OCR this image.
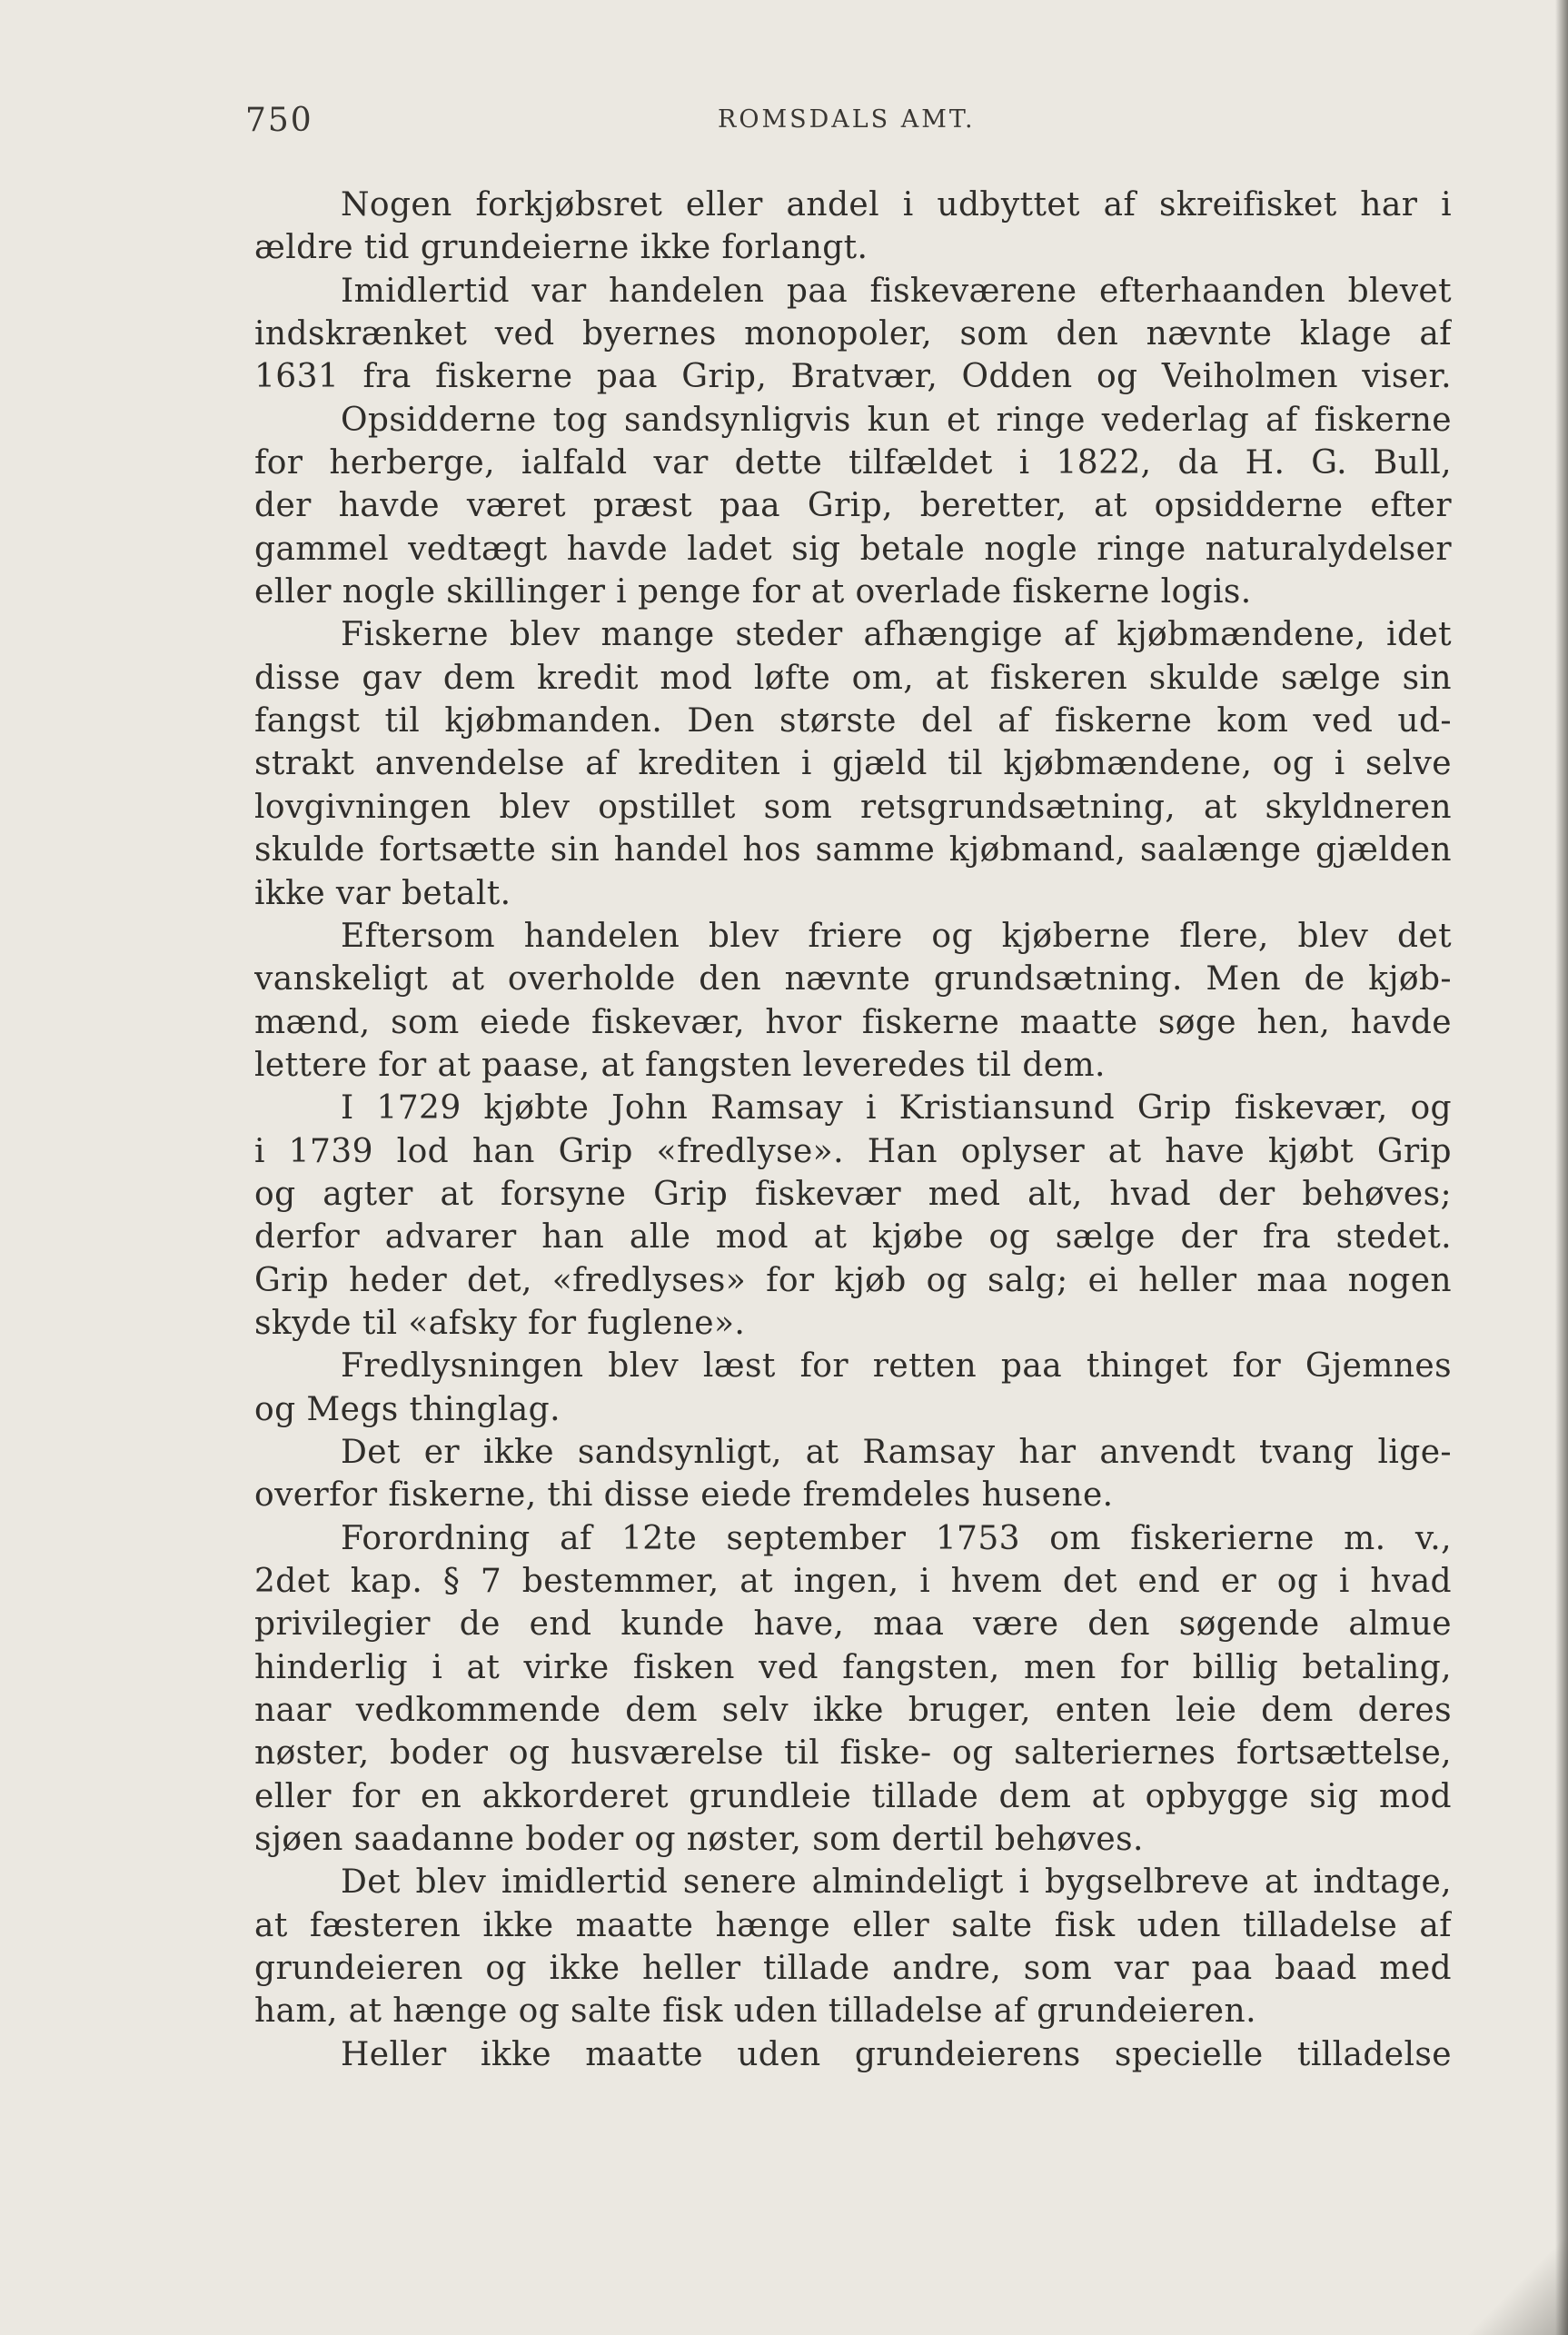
750	ROMSDALS AMT.
Nogen forkjøbsret eller andel i udbyttet af skreifisket har i
ældre tid grundeierne ikke forlangt.
Imidlertid var handelen paa fiskeværene efterhaanden blevet
indskrænket ved byernes monopoler, som den nævnte klage af
1631 fra fiskerne paa Grip, Bratvær, Odden og Veiholmen viser.
Opsidderne tog sandsynligvis kun et ringe vederlag af fiskerne
for herberge, ialfald var dette tilfældet i 1822, da H. G. Bull,
der havde været præst paa Grip, beretter, at opsidderne efter
gammel vedtægt havde ladet sig betale nogle ringe naturalydelser
eller nogle skillinger i penge for at overlade fiskerne logis.
Fiskerne blev mange steder afhængige af kjøbmændene, idet
disse gav dem kredit mod løfte om, at fiskeren skulde sælge sin
fangst til kjøbmanden. Den største del af fiskerne kom ved ud-
strakt anvendelse af krediten i gjæld til kjøbmændene, og i selve
lovgivningen blev opstillet som retsgrundsætning, at skyldneren
skulde fortsætte sin handel hos samme kjøbmand, saalænge gjælden
ikke var betalt.
Eftersom handelen blev friere og kjøberne flere, blev det
vanskeligt at overholde den nævnte grundsætning. Men de kjøb-
mænd, som eiede fiskevær, hvor fiskerne maatte søge hen, havde
lettere for at paase, at fangsten leveredes til dem.
I 1729 kjøbte John Ramsay i Kristiansund Grip fiskevær, og
i 1739 lod han Grip «fredlyse». Han oplyser at have kjøbt Grip
og agter at forsyne Grip fiskevær med alt, hvad der behøves;
derfor advarer han alle mod at kjøbe og sælge der fra stedet.
Grip heder det, «fredlyses» for kjøb og salg; ei heller maa nogen
skyde til «afsky for fuglene».
Fredlysningen blev læst for retten paa thinget for Gjemnes
og Megs thinglag.
Det er ikke sandsynligt, at Ramsay har anvendt tvang lige-
overfor fiskerne, thi disse eiede fremdeles husene.
Forordning af 12te september 1753 om fiskerierne m. v.,
2det kap. § 7 bestemmer, at ingen, i hvem det end er og i hvad
privilegier de end kunde have, maa være den søgende almue
hinderlig i at virke fisken ved fangsten, men for billig betaling,
naar vedkommende dem selv ikke bruger, enten leie dem deres
nøster, boder og husværelse til fiske- og salteriernes fortsættelse,
eller for en akkorderet grundleie tillade dem at opbygge sig mod
sjøen saadanne boder og nøster, som dertil behøves.
Det blev imidlertid senere almindeligt i bygselbreve at indtage,
at fæsteren ikke maatte hænge eller salte fisk uden tilladelse af
grundeieren og ikke heller tillade andre, som var paa baad med
ham, at hænge og salte fisk uden tilladelse af grundeieren.
Heller ikke maatte uden grundeierens specielle tilladelse
